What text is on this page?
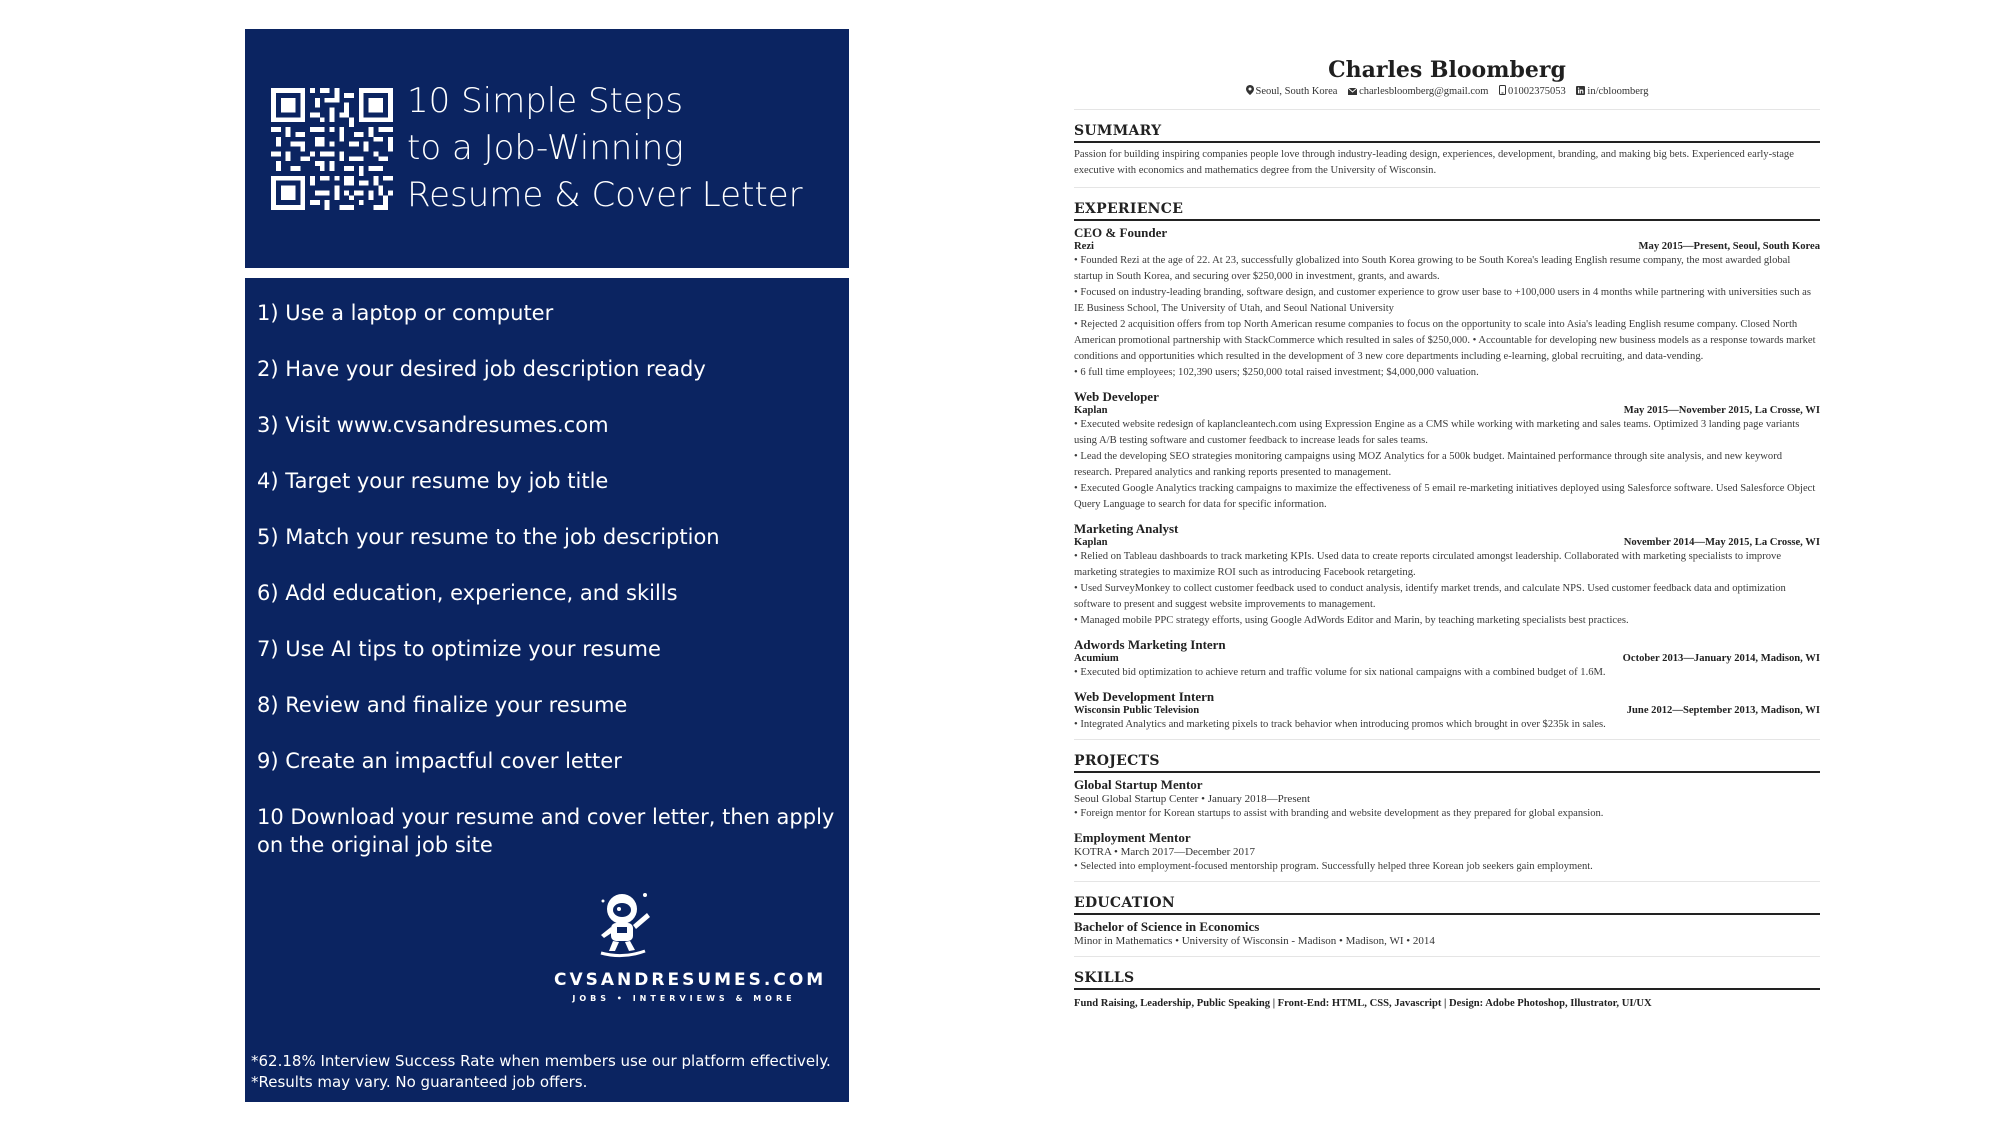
10 Simple Steps
to a Job-Winning
Resume & Cover Letter
1) Use a laptop or computer
2) Have your desired job description ready
3) Visit www.cvsandresumes.com
4) Target your resume by job title
5) Match your resume to the job description
6) Add education, experience, and skills
7) Use AI tips to optimize your resume
8) Review and finalize your resume
9) Create an impactful cover letter
10 Download your resume and cover letter, then apply on the original job site
CVSANDRESUMES.COM
JOBS • INTERVIEWS & MORE
*62.18% Interview Success Rate when members use our platform effectively.
*Results may vary. No guaranteed job offers.
Charles Bloomberg
Seoul, South Korea charlesbloomberg@gmail.com 01002375053 in/cbloomberg
SUMMARY
Passion for building inspiring companies people love through industry-leading design, experiences, development, branding, and making big bets. Experienced early-stage executive with economics and mathematics degree from the University of Wisconsin.
EXPERIENCE
CEO & Founder
Rezi	May 2015—Present, Seoul, South Korea
• Founded Rezi at the age of 22. At 23, successfully globalized into South Korea growing to be South Korea's leading English resume company, the most awarded global startup in South Korea, and securing over $250,000 in investment, grants, and awards.
• Focused on industry-leading branding, software design, and customer experience to grow user base to +100,000 users in 4 months while partnering with universities such as IE Business School, The University of Utah, and Seoul National University
• Rejected 2 acquisition offers from top North American resume companies to focus on the opportunity to scale into Asia's leading English resume company. Closed North American promotional partnership with StackCommerce which resulted in sales of $250,000. • Accountable for developing new business models as a response towards market conditions and opportunities which resulted in the development of 3 new core departments including e-learning, global recruiting, and data-vending.
• 6 full time employees; 102,390 users; $250,000 total raised investment; $4,000,000 valuation.
Web Developer
Kaplan	May 2015—November 2015, La Crosse, WI
• Executed website redesign of kaplancleantech.com using Expression Engine as a CMS while working with marketing and sales teams. Optimized 3 landing page variants using A/B testing software and customer feedback to increase leads for sales teams.
• Lead the developing SEO strategies monitoring campaigns using MOZ Analytics for a 500k budget. Maintained performance through site analysis, and new keyword research. Prepared analytics and ranking reports presented to management.
• Executed Google Analytics tracking campaigns to maximize the effectiveness of 5 email re-marketing initiatives deployed using Salesforce software. Used Salesforce Object Query Language to search for data for specific information.
Marketing Analyst
Kaplan	November 2014—May 2015, La Crosse, WI
• Relied on Tableau dashboards to track marketing KPIs. Used data to create reports circulated amongst leadership. Collaborated with marketing specialists to improve marketing strategies to maximize ROI such as introducing Facebook retargeting.
• Used SurveyMonkey to collect customer feedback used to conduct analysis, identify market trends, and calculate NPS. Used customer feedback data and optimization software to present and suggest website improvements to management.
• Managed mobile PPC strategy efforts, using Google AdWords Editor and Marin, by teaching marketing specialists best practices.
Adwords Marketing Intern
Acumium	October 2013—January 2014, Madison, WI
• Executed bid optimization to achieve return and traffic volume for six national campaigns with a combined budget of 1.6M.
Web Development Intern
Wisconsin Public Television	June 2012—September 2013, Madison, WI
• Integrated Analytics and marketing pixels to track behavior when introducing promos which brought in over $235k in sales.
PROJECTS
Global Startup Mentor
Seoul Global Startup Center • January 2018—Present
• Foreign mentor for Korean startups to assist with branding and website development as they prepared for global expansion.
Employment Mentor
KOTRA • March 2017—December 2017
• Selected into employment-focused mentorship program. Successfully helped three Korean job seekers gain employment.
EDUCATION
Bachelor of Science in Economics
Minor in Mathematics • University of Wisconsin - Madison • Madison, WI • 2014
SKILLS
Fund Raising, Leadership, Public Speaking | Front-End: HTML, CSS, Javascript | Design: Adobe Photoshop, Illustrator, UI/UX
